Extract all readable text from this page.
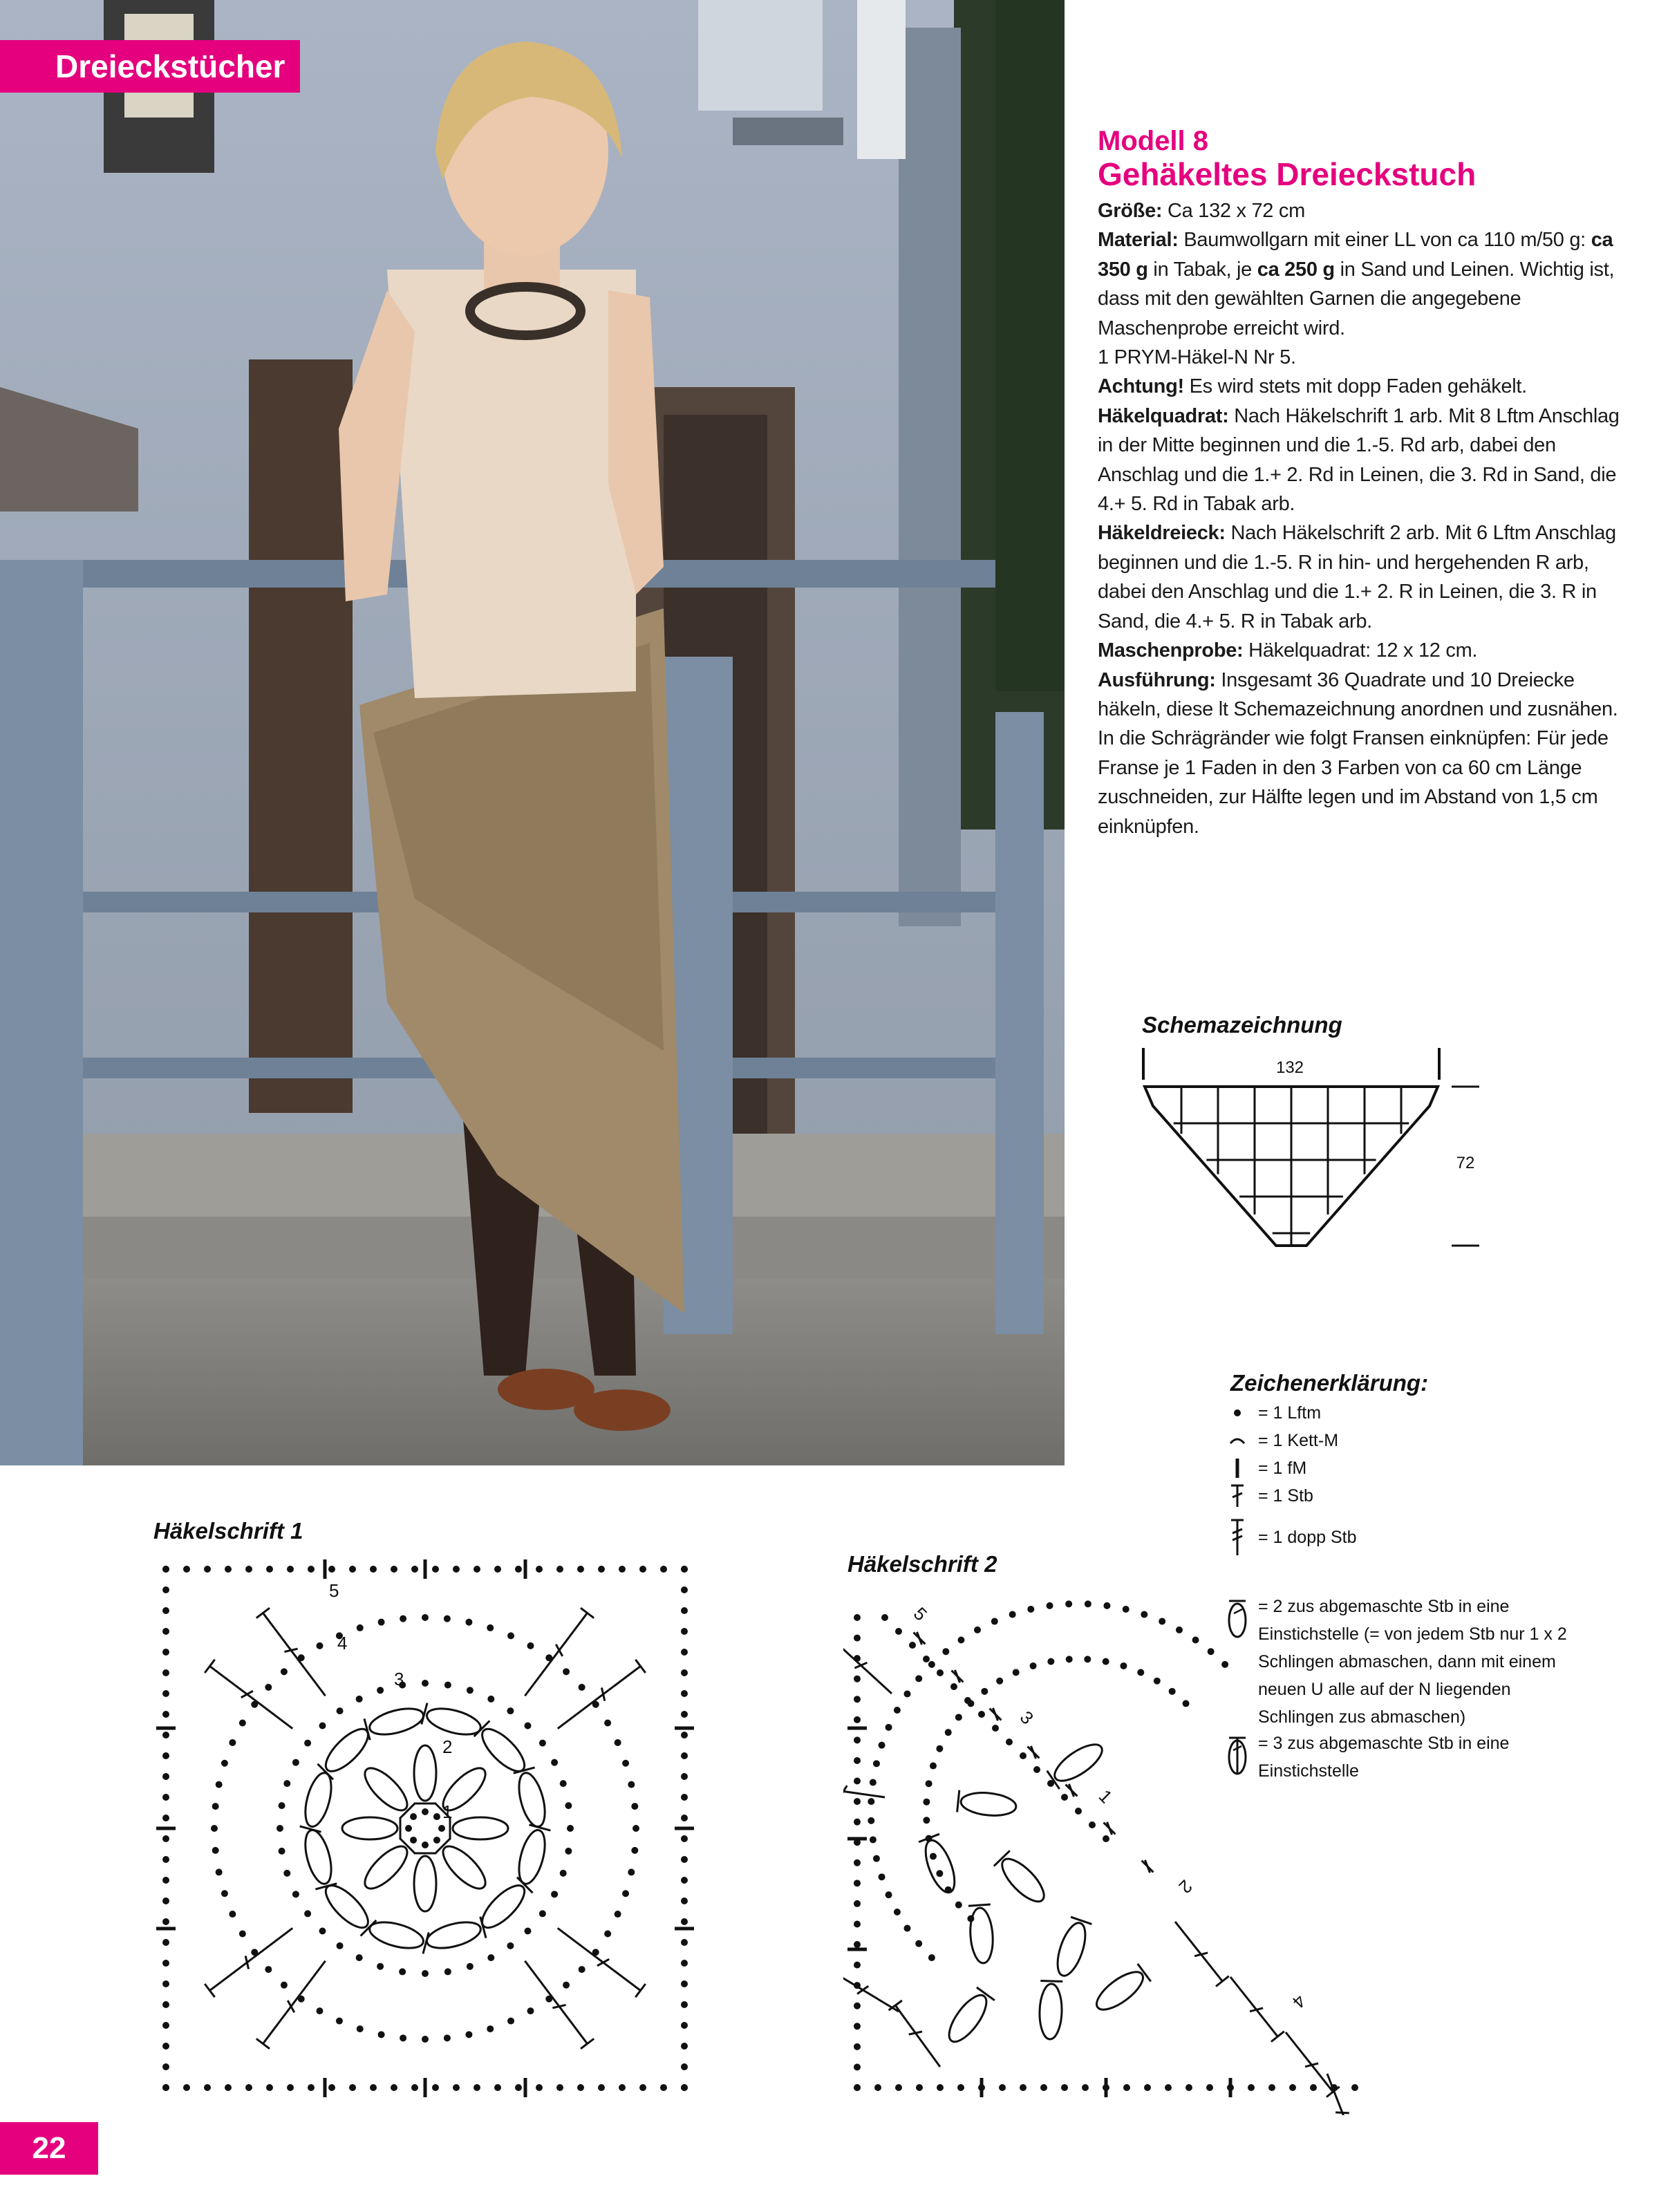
Dreieckstücher
Modell 8
Gehäkeltes Dreieckstuch

Größe: Ca 132 x 72 cm

Material: Baumwollgarn mit einer LL von ca 110 m/50 g: ca 350 g in Tabak, je ca 250 g in Sand und Leinen. Wichtig ist, dass mit den gewählten Garnen die angegebene Maschenprobe erreicht wird.

1 PRYM-Häkel-N Nr 5.

Achtung! Es wird stets mit dopp Faden gehäkelt.

Häkelquadrat: Nach Häkelschrift 1 arb. Mit 8 Lftm Anschlag in der Mitte beginnen und die 1.-5. Rd arb, dabei den Anschlag und die 1.+ 2. Rd in Leinen, die 3. Rd in Sand, die 4.+ 5. Rd in Tabak arb.

Häkeldreieck: Nach Häkelschrift 2 arb. Mit 6 Lftm Anschlag beginnen und die 1.-5. R in hin- und hergehenden R arb, dabei den Anschlag und die 1.+ 2. R in Leinen, die 3. R in Sand, die 4.+ 5. R in Tabak arb.

Maschenprobe: Häkelquadrat: 12 x 12 cm.

Ausführung: Insgesamt 36 Quadrate und 10 Dreiecke häkeln, diese lt Schemazeichnung anordnen und zusnähen. In die Schrägränder wie folgt Fransen einknüpfen: Für jede Franse je 1 Faden in den 3 Farben von ca 60 cm Länge zuschneiden, zur Hälfte legen und im Abstand von 1,5 cm einknüpfen.

Schemazeichnung
132
72
Zeichenerklärung:
= 1 Lftm
= 1 Kett-M
= 1 fM
= 1 Stb
= 1 dopp Stb
= 2 zus abgemaschte Stb in eine Einstichstelle (= von jedem Stb nur 1 x 2 Schlingen abmaschen, dann mit einem neuen U alle auf der N liegenden Schlingen zus abmaschen)
= 3 zus abgemaschte Stb in eine Einstichstelle
Häkelschrift 1
1
2
3
4
5
Häkelschrift 2
1
2
3
4
5
22
